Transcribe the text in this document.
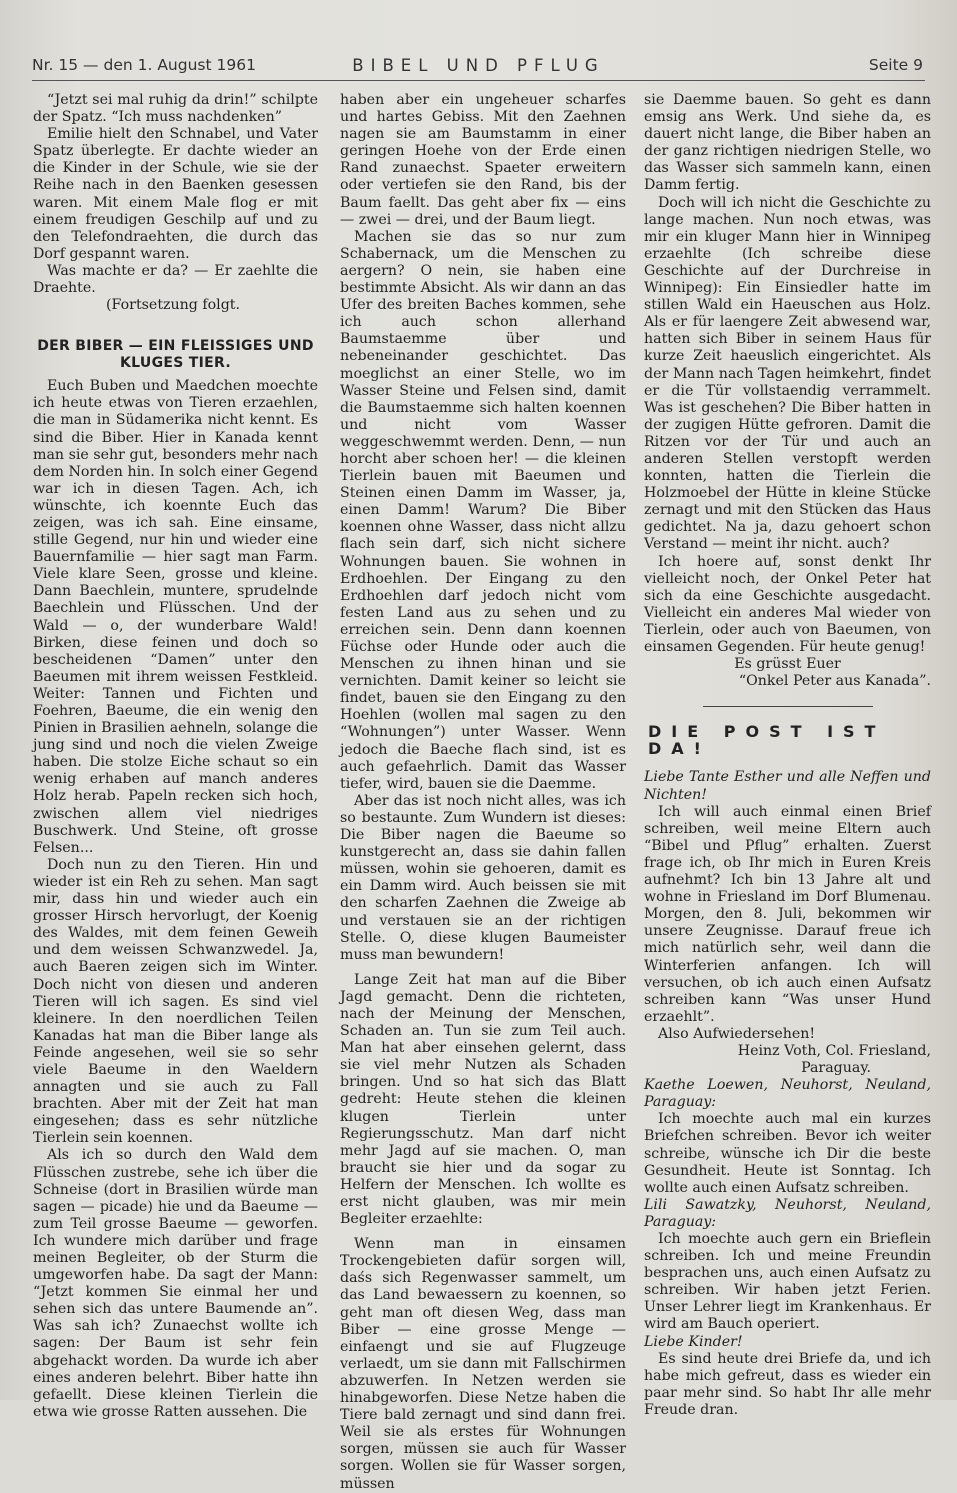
Nr. 15 — den 1. August 1961	BIBEL UND PFLUG	Seite 9

“Jetzt sei mal ruhig da drin!” schilpte der Spatz. “Ich muss nachdenken”

Emilie hielt den Schnabel, und Vater Spatz überlegte. Er dachte wieder an die Kinder in der Schule, wie sie der Reihe nach in den Baenken gesessen waren. Mit einem Male flog er mit einem freudigen Geschilp auf und zu den Telefondraehten, die durch das Dorf gespannt waren.

Was machte er da? — Er zaehlte die Draehte.

(Fortsetzung folgt.

DER BIBER — EIN FLEISSIGES UND KLUGES TIER.

Euch Buben und Maedchen moechte ich heute etwas von Tieren erzaehlen, die man in Südamerika nicht kennt. Es sind die Biber. Hier in Kanada kennt man sie sehr gut, besonders mehr nach dem Norden hin. In solch einer Gegend war ich in diesen Tagen. Ach, ich wünschte, ich koennte Euch das zeigen, was ich sah. Eine einsame, stille Gegend, nur hin und wieder eine Bauernfamilie — hier sagt man Farm. Viele klare Seen, grosse und kleine. Dann Baechlein, muntere, sprudelnde Baechlein und Flüsschen. Und der Wald — o, der wunderbare Wald! Birken, diese feinen und doch so bescheidenen “Damen” unter den Baeumen mit ihrem weissen Festkleid. Weiter: Tannen und Fichten und Foehren, Baeume, die ein wenig den Pinien in Brasilien aehneln, solange die jung sind und noch die vielen Zweige haben. Die stolze Eiche schaut so ein wenig erhaben auf manch anderes Holz herab. Papeln recken sich hoch, zwischen allem viel niedriges Buschwerk. Und Steine, oft grosse Felsen...

Doch nun zu den Tieren. Hin und wieder ist ein Reh zu sehen. Man sagt mir, dass hin und wieder auch ein grosser Hirsch hervorlugt, der Koenig des Waldes, mit dem feinen Geweih und dem weissen Schwanzwedel. Ja, auch Baeren zeigen sich im Winter. Doch nicht von diesen und anderen Tieren will ich sagen. Es sind viel kleinere. In den noerdlichen Teilen Kanadas hat man die Biber lange als Feinde angesehen, weil sie so sehr viele Baeume in den Waeldern annagten und sie auch zu Fall brachten. Aber mit der Zeit hat man eingesehen; dass es sehr nützliche Tierlein sein koennen.

Als ich so durch den Wald dem Flüsschen zustrebe, sehe ich über die Schneise (dort in Brasilien würde man sagen — picade) hie und da Baeume — zum Teil grosse Baeume — geworfen. Ich wundere mich darüber und frage meinen Begleiter, ob der Sturm die umgeworfen habe. Da sagt der Mann: “Jetzt kommen Sie einmal her und sehen sich das untere Baumende an”. Was sah ich? Zunaechst wollte ich sagen: Der Baum ist sehr fein abgehackt worden. Da wurde ich aber eines anderen belehrt. Biber hatte ihn gefaellt. Diese kleinen Tierlein die etwa wie grosse Ratten aussehen. Die

haben aber ein ungeheuer scharfes und hartes Gebiss. Mit den Zaehnen nagen sie am Baumstamm in einer geringen Hoehe von der Erde einen Rand zunaechst. Spaeter erweitern oder vertiefen sie den Rand, bis der Baum faellt. Das geht aber fix — eins — zwei — drei, und der Baum liegt.

Machen sie das so nur zum Schabernack, um die Menschen zu aergern? O nein, sie haben eine bestimmte Absicht. Als wir dann an das Ufer des breiten Baches kommen, sehe ich auch schon allerhand Baumstaemme über und nebeneinander geschichtet. Das moeglichst an einer Stelle, wo im Wasser Steine und Felsen sind, damit die Baumstaemme sich halten koennen und nicht vom Wasser weggeschwemmt werden. Denn, — nun horcht aber schoen her! — die kleinen Tierlein bauen mit Baeumen und Steinen einen Damm im Wasser, ja, einen Damm! Warum? Die Biber koennen ohne Wasser, dass nicht allzu flach sein darf, sich nicht sichere Wohnungen bauen. Sie wohnen in Erdhoehlen. Der Eingang zu den Erdhoehlen darf jedoch nicht vom festen Land aus zu sehen und zu erreichen sein. Denn dann koennen Füchse oder Hunde oder auch die Menschen zu ihnen hinan und sie vernichten. Damit keiner so leicht sie findet, bauen sie den Eingang zu den Hoehlen (wollen mal sagen zu den “Wohnungen”) unter Wasser. Wenn jedoch die Baeche flach sind, ist es auch gefaehrlich. Damit das Wasser tiefer, wird, bauen sie die Daemme.

Aber das ist noch nicht alles, was ich so bestaunte. Zum Wundern ist dieses: Die Biber nagen die Baeume so kunstgerecht an, dass sie dahin fallen müssen, wohin sie gehoeren, damit es ein Damm wird. Auch beissen sie mit den scharfen Zaehnen die Zweige ab und verstauen sie an der richtigen Stelle. O, diese klugen Baumeister muss man bewundern!

Lange Zeit hat man auf die Biber Jagd gemacht. Denn die richteten, nach der Meinung der Menschen, Schaden an. Tun sie zum Teil auch. Man hat aber einsehen gelernt, dass sie viel mehr Nutzen als Schaden bringen. Und so hat sich das Blatt gedreht: Heute stehen die kleinen klugen Tierlein unter Regierungsschutz. Man darf nicht mehr Jagd auf sie machen. O, man braucht sie hier und da sogar zu Helfern der Menschen. Ich wollte es erst nicht glauben, was mir mein Begleiter erzaehlte:

Wenn man in einsamen Trockengebieten dafür sorgen will, daśs sich Regenwasser sammelt, um das Land bewaessern zu koennen, so geht man oft diesen Weg, dass man Biber — eine grosse Menge — einfaengt und sie auf Flugzeuge verlaedt, um sie dann mit Fallschirmen abzuwerfen. In Netzen werden sie hinabgeworfen. Diese Netze haben die Tiere bald zernagt und sind dann frei. Weil sie als erstes für Wohnungen sorgen, müssen sie auch für Wasser sorgen. Wollen sie für Wasser sorgen, müssen

sie Daemme bauen. So geht es dann emsig ans Werk. Und siehe da, es dauert nicht lange, die Biber haben an der ganz richtigen niedrigen Stelle, wo das Wasser sich sammeln kann, einen Damm fertig.

Doch will ich nicht die Geschichte zu lange machen. Nun noch etwas, was mir ein kluger Mann hier in Winnipeg erzaehlte (Ich schreibe diese Geschichte auf der Durchreise in Winnipeg): Ein Einsiedler hatte im stillen Wald ein Haeuschen aus Holz. Als er für laengere Zeit abwesend war, hatten sich Biber in seinem Haus für kurze Zeit haeuslich eingerichtet. Als der Mann nach Tagen heimkehrt, findet er die Tür vollstaendig verrammelt. Was ist geschehen? Die Biber hatten in der zugigen Hütte gefroren. Damit die Ritzen vor der Tür und auch an anderen Stellen verstopft werden konnten, hatten die Tierlein die Holzmoebel der Hütte in kleine Stücke zernagt und mit den Stücken das Haus gedichtet. Na ja, dazu gehoert schon Verstand — meint ihr nicht. auch?

Ich hoere auf, sonst denkt Ihr vielleicht noch, der Onkel Peter hat sich da eine Geschichte ausgedacht. Vielleicht ein anderes Mal wieder von Tierlein, oder auch von Baeumen, von einsamen Gegenden. Für heute genug!

Es grüsst Euer

“Onkel Peter aus Kanada”.

DIE POST IST DA!

Liebe Tante Esther und alle Neffen und Nichten!

Ich will auch einmal einen Brief schreiben, weil meine Eltern auch “Bibel und Pflug” erhalten. Zuerst frage ich, ob Ihr mich in Euren Kreis aufnehmt? Ich bin 13 Jahre alt und wohne in Friesland im Dorf Blumenau. Morgen, den 8. Juli, bekommen wir unsere Zeugnisse. Darauf freue ich mich natürlich sehr, weil dann die Winterferien anfangen. Ich will versuchen, ob ich auch einen Aufsatz schreiben kann “Was unser Hund erzaehlt”.

Also Aufwiedersehen!

Heinz Voth, Col. Friesland,

Paraguay.

Kaethe Loewen, Neuhorst, Neuland, Paraguay:

Ich moechte auch mal ein kurzes Briefchen schreiben. Bevor ich weiter schreibe, wünsche ich Dir die beste Gesundheit. Heute ist Sonntag. Ich wollte auch einen Aufsatz schreiben.

Lili Sawatzky, Neuhorst, Neuland, Paraguay:

Ich moechte auch gern ein Brieflein schreiben. Ich und meine Freundin besprachen uns, auch einen Aufsatz zu schreiben. Wir haben jetzt Ferien. Unser Lehrer liegt im Krankenhaus. Er wird am Bauch operiert.

Liebe Kinder!

Es sind heute drei Briefe da, und ich habe mich gefreut, dass es wieder ein paar mehr sind. So habt Ihr alle mehr Freude dran.
